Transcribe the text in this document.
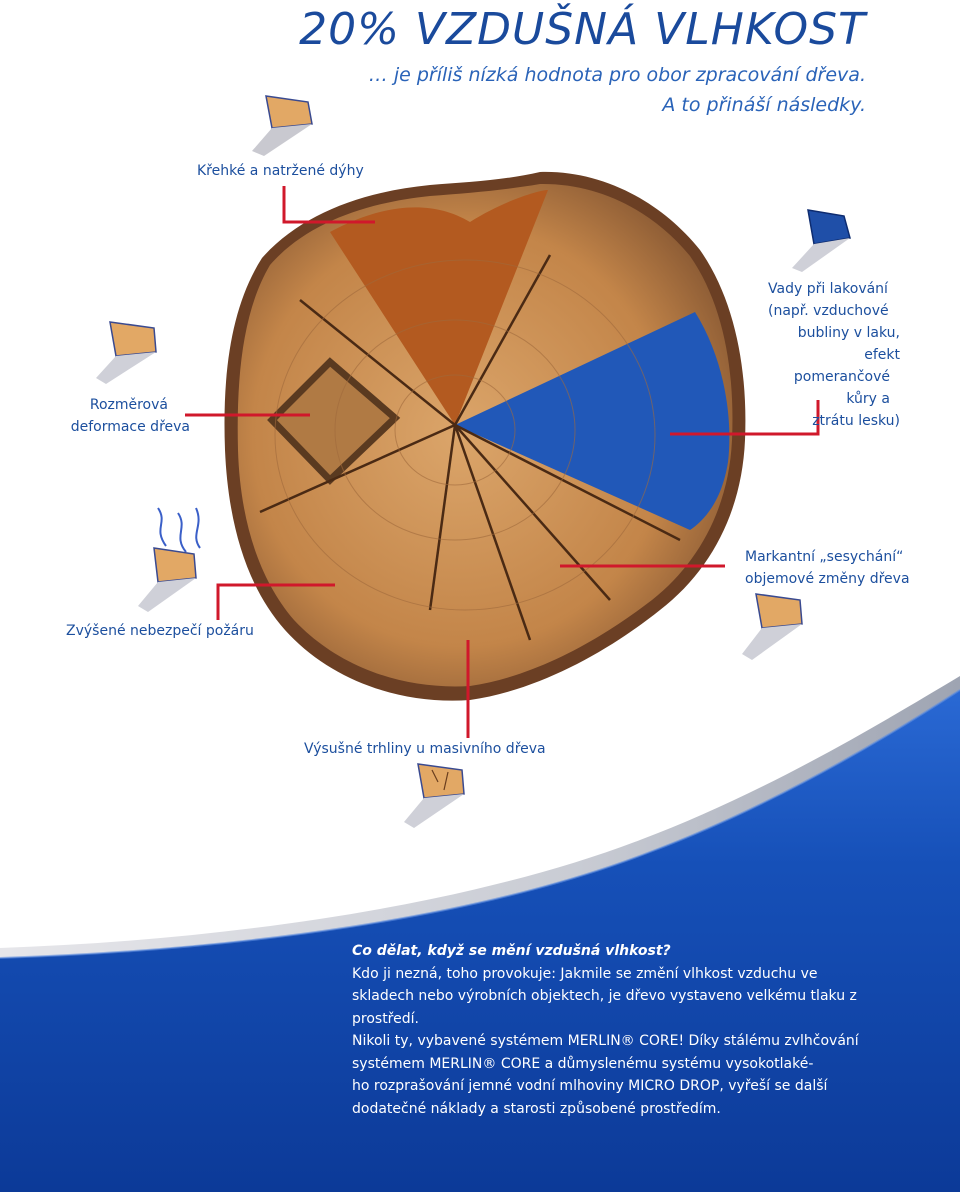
20% VZDUŠNÁ VLHKOST
… je příliš nízká hodnota pro obor zpracování dřeva.
A to přináší následky.
Křehké a natržené dýhy
Vady při lakování
(např. vzduchové
bubliny v laku, efekt
pomerančové kůry a
ztrátu lesku)
Rozměrová
deformace dřeva
Markantní „sesychání“
objemové změny dřeva
Zvýšené nebezpečí požáru
Výsušné trhliny u masivního dřeva

Co dělat, když se mění vzdušná vlhkost?

Kdo ji nezná, toho provokuje: Jakmile se změní vlhkost vzduchu ve

skladech nebo výrobních objektech, je dřevo vystaveno velkému tlaku z

prostředí.

Nikoli ty, vybavené systémem MERLIN® CORE! Díky stálému zvlhčování

systémem MERLIN® CORE a důmyslenému systému vysokotlaké-

ho rozprašování jemné vodní mlhoviny MICRO DROP, vyřeší se další

dodatečné náklady a starosti způsobené prostředím.
